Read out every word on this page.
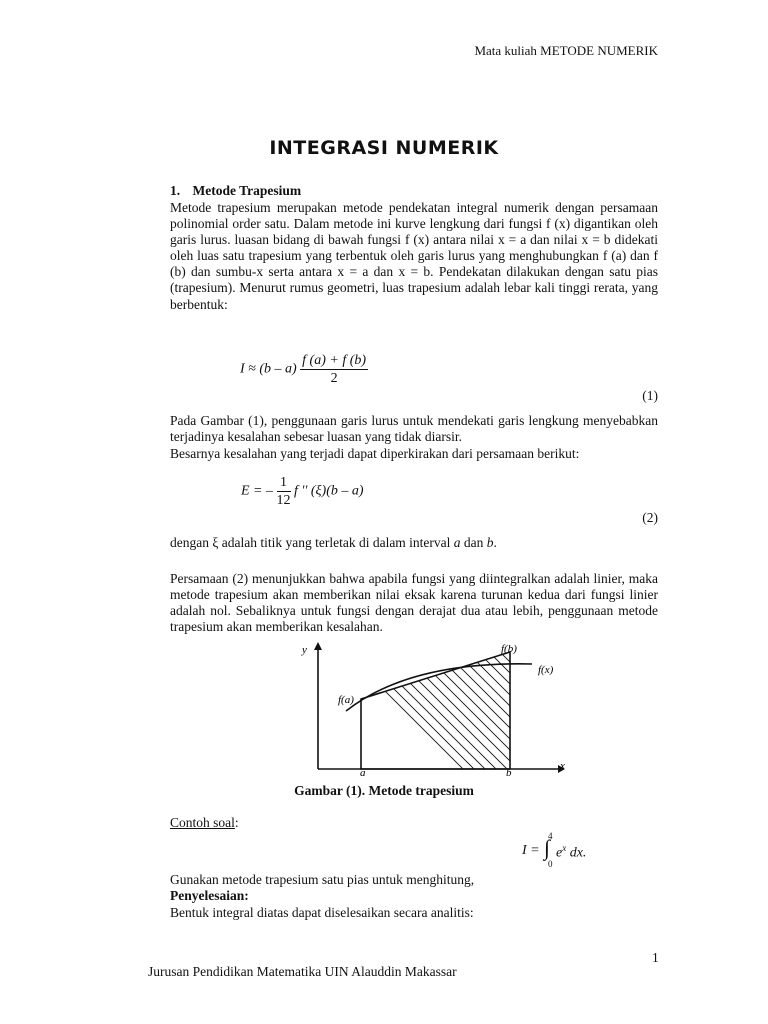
Mata kuliah METODE NUMERIK
INTEGRASI NUMERIK
1. Metode Trapesium

Metode trapesium merupakan metode pendekatan integral numerik dengan persamaan polinomial order satu. Dalam metode ini kurve lengkung dari fungsi f (x) digantikan oleh garis lurus. luasan bidang di bawah fungsi f (x) antara nilai x = a dan nilai x = b didekati oleh luas satu trapesium yang terbentuk oleh garis lurus yang menghubungkan f (a) dan f (b) dan sumbu-x serta antara x = a dan x = b. Pendekatan dilakukan dengan satu pias (trapesium). Menurut rumus geometri, luas trapesium adalah lebar kali tinggi rerata, yang berbentuk:

$I \approx (b - a) \frac{f (a) + f (b)}{2}$
(1)

Pada Gambar (1), penggunaan garis lurus untuk mendekati garis lengkung menyebabkan terjadinya kesalahan sebesar luasan yang tidak diarsir.

Besarnya kesalahan yang terjadi dapat diperkirakan dari persamaan berikut:

E = – $\frac{1}{12}$ f '' (ξ)(b – a)
(2)

dengan ξ adalah titik yang terletak di dalam interval a dan b.

Persamaan (2) menunjukkan bahwa apabila fungsi yang diintegralkan adalah linier, maka metode trapesium akan memberikan nilai eksak karena turunan kedua dari fungsi linier adalah nol. Sebaliknya untuk fungsi dengan derajat dua atau lebih, penggunaan metode trapesium akan memberikan kesalahan.

y
x
f(a)
f(b)
f(x)
a	b
Gambar (1). Metode trapesium
Contoh soal:
I =
4
∫
0
$e^x$ dx.

Gunakan metode trapesium satu pias untuk menghitung,

Penyelesaian:

Bentuk integral diatas dapat diselesaikan secara analitis:

1
Jurusan Pendidikan Matematika UIN Alauddin Makassar
